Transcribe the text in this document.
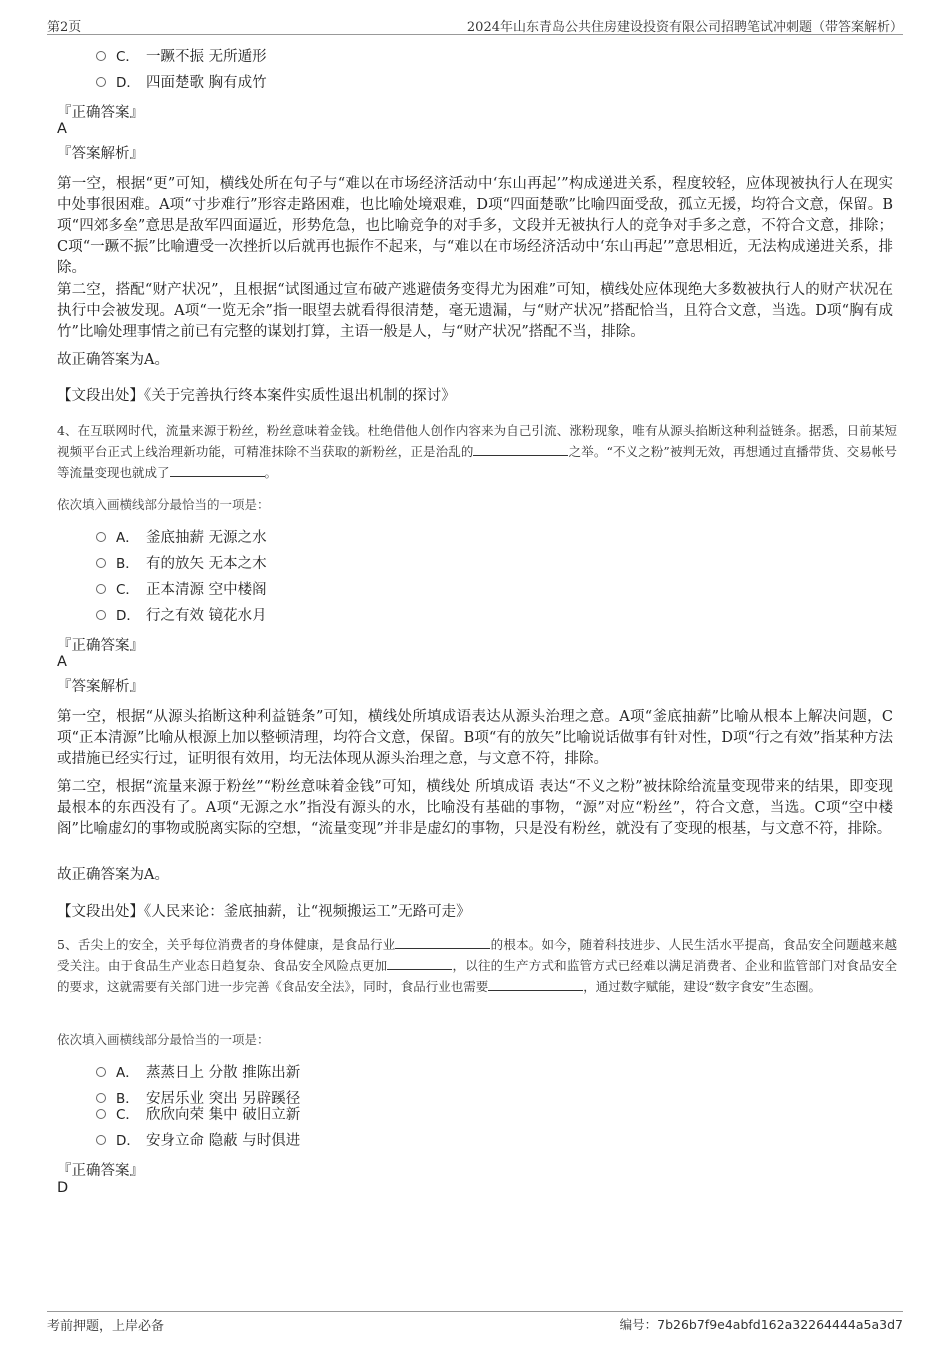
第2页	2024年山东青岛公共住房建设投资有限公司招聘笔试冲刺题（带答案解析）
C． 一蹶不振 无所遁形
D． 四面楚歌 胸有成竹
『正确答案』
A
『答案解析』
第一空，根据“更”可知，横线处所在句子与“难以在市场经济活动中‘东山再起’”构成递进关系，程度较轻，应体现被执行人在现实中处事很困难。A项“寸步难行”形容走路困难，也比喻处境艰难，D项“四面楚歌”比喻四面受敌，孤立无援，均符合文意，保留。B项“四郊多垒”意思是敌军四面逼近，形势危急，也比喻竞争的对手多，文段并无被执行人的竞争对手多之意，不符合文意，排除；C项“一蹶不振”比喻遭受一次挫折以后就再也振作不起来，与“难以在市场经济活动中‘东山再起’”意思相近，无法构成递进关系，排除。
第二空，搭配“财产状况”，且根据“试图通过宣布破产逃避债务变得尤为困难”可知，横线处应体现绝大多数被执行人的财产状况在执行中会被发现。A项“一览无余”指一眼望去就看得很清楚，毫无遗漏，与“财产状况”搭配恰当，且符合文意，当选。D项“胸有成竹”比喻处理事情之前已有完整的谋划打算，主语一般是人，与“财产状况”搭配不当，排除。
故正确答案为A。
【文段出处】《关于完善执行终本案件实质性退出机制的探讨》
4、在互联网时代，流量来源于粉丝，粉丝意味着金钱。杜绝借他人创作内容来为自己引流、涨粉现象，唯有从源头掐断这种利益链条。据悉，日前某短视频平台正式上线治理新功能，可精准抹除不当获取的新粉丝，正是治乱的	之举。“不义之粉”被判无效，再想通过直播带货、交易帐号等流量变现也就成了	。
依次填入画横线部分最恰当的一项是：
A． 釜底抽薪 无源之水
B． 有的放矢 无本之木
C． 正本清源 空中楼阁
D． 行之有效 镜花水月
『正确答案』
A
『答案解析』
第一空，根据“从源头掐断这种利益链条”可知，横线处所填成语表达从源头治理之意。A项“釜底抽薪”比喻从根本上解决问题，C项“正本清源”比喻从根源上加以整顿清理，均符合文意，保留。B项“有的放矢”比喻说话做事有针对性，D项“行之有效”指某种方法或措施已经实行过，证明很有效用，均无法体现从源头治理之意，与文意不符，排除。
第二空，根据“流量来源于粉丝”“粉丝意味着金钱”可知，横线处 所填成语 表达“不义之粉”被抹除给流量变现带来的结果，即变现最根本的东西没有了。A项“无源之水”指没有源头的水，比喻没有基础的事物，“源”对应“粉丝”，符合文意，当选。C项“空中楼阁”比喻虚幻的事物或脱离实际的空想，“流量变现”并非是虚幻的事物，只是没有粉丝，就没有了变现的根基，与文意不符，排除。
故正确答案为A。
【文段出处】《人民来论：釜底抽薪，让“视频搬运工”无路可走》
5、舌尖上的安全，关乎每位消费者的身体健康，是食品行业	的根本。如今，随着科技进步、人民生活水平提高，食品安全问题越来越受关注。由于食品生产业态日趋复杂、食品安全风险点更加	，以往的生产方式和监管方式已经难以满足消费者、企业和监管部门对食品安全的要求，这就需要有关部门进一步完善《食品安全法》，同时，食品行业也需要	，通过数字赋能，建设“数字食安”生态圈。
依次填入画横线部分最恰当的一项是：
A． 蒸蒸日上 分散 推陈出新
B． 安居乐业 突出 另辟蹊径
C． 欣欣向荣 集中 破旧立新
D． 安身立命 隐蔽 与时俱进
『正确答案』
D
考前押题，上岸必备	编号：7b26b7f9e4abfd162a32264444a5a3d7
